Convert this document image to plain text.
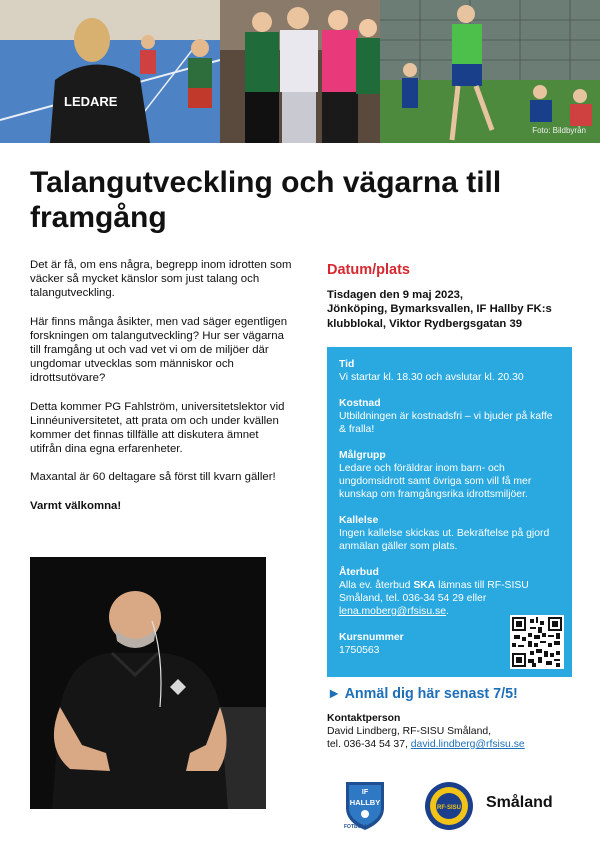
LEDARE
Foto: Bildbyrån
Talangutveckling och vägarna till framgång

Det är få, om ens några, begrepp inom idrotten som väcker så mycket känslor som just talang och talangutveckling.

Här finns många åsikter, men vad säger egentligen forskningen om talangutveckling? Hur ser vägarna till framgång ut och vad vet vi om de miljöer där ungdomar utvecklas som människor och idrottsutövare?

Detta kommer PG Fahlström, universitetslektor vid Linnéuniversitetet, att prata om och under kvällen kommer det finnas tillfälle att diskutera ämnet utifrån dina egna erfarenheter.

Maxantal är 60 deltagare så först till kvarn gäller!

Varmt välkomna!

Datum/plats

Tisdagen den 9 maj 2023,
Jönköping, Bymarksvallen, IF Hallby FK:s
klubblokal, Viktor Rydbergsgatan 39

Tid
Vi startar kl. 18.30 och avslutar kl. 20.30
Kostnad
Utbildningen är kostnadsfri – vi bjuder på kaffe & fralla!
Målgrupp
Ledare och föräldrar inom barn- och ungdomsidrott samt övriga som vill få mer kunskap om framgångsrika idrottsmiljöer.
Kallelse
Ingen kallelse skickas ut. Bekräftelse på gjord anmälan gäller som plats.
Återbud
Alla ev. återbud SKA lämnas till RF-SISU Småland, tel. 036-34 54 29 eller
lena.moberg@rfsisu.se.
Kursnummer
1750563
► Anmäl dig här senast 7/5!
Kontaktperson
David Lindberg, RF-SISU Småland,
tel. 036-34 54 37, david.lindberg@rfsisu.se
IF
HALLBY
FOTBOLL
RF·SISU Småland
